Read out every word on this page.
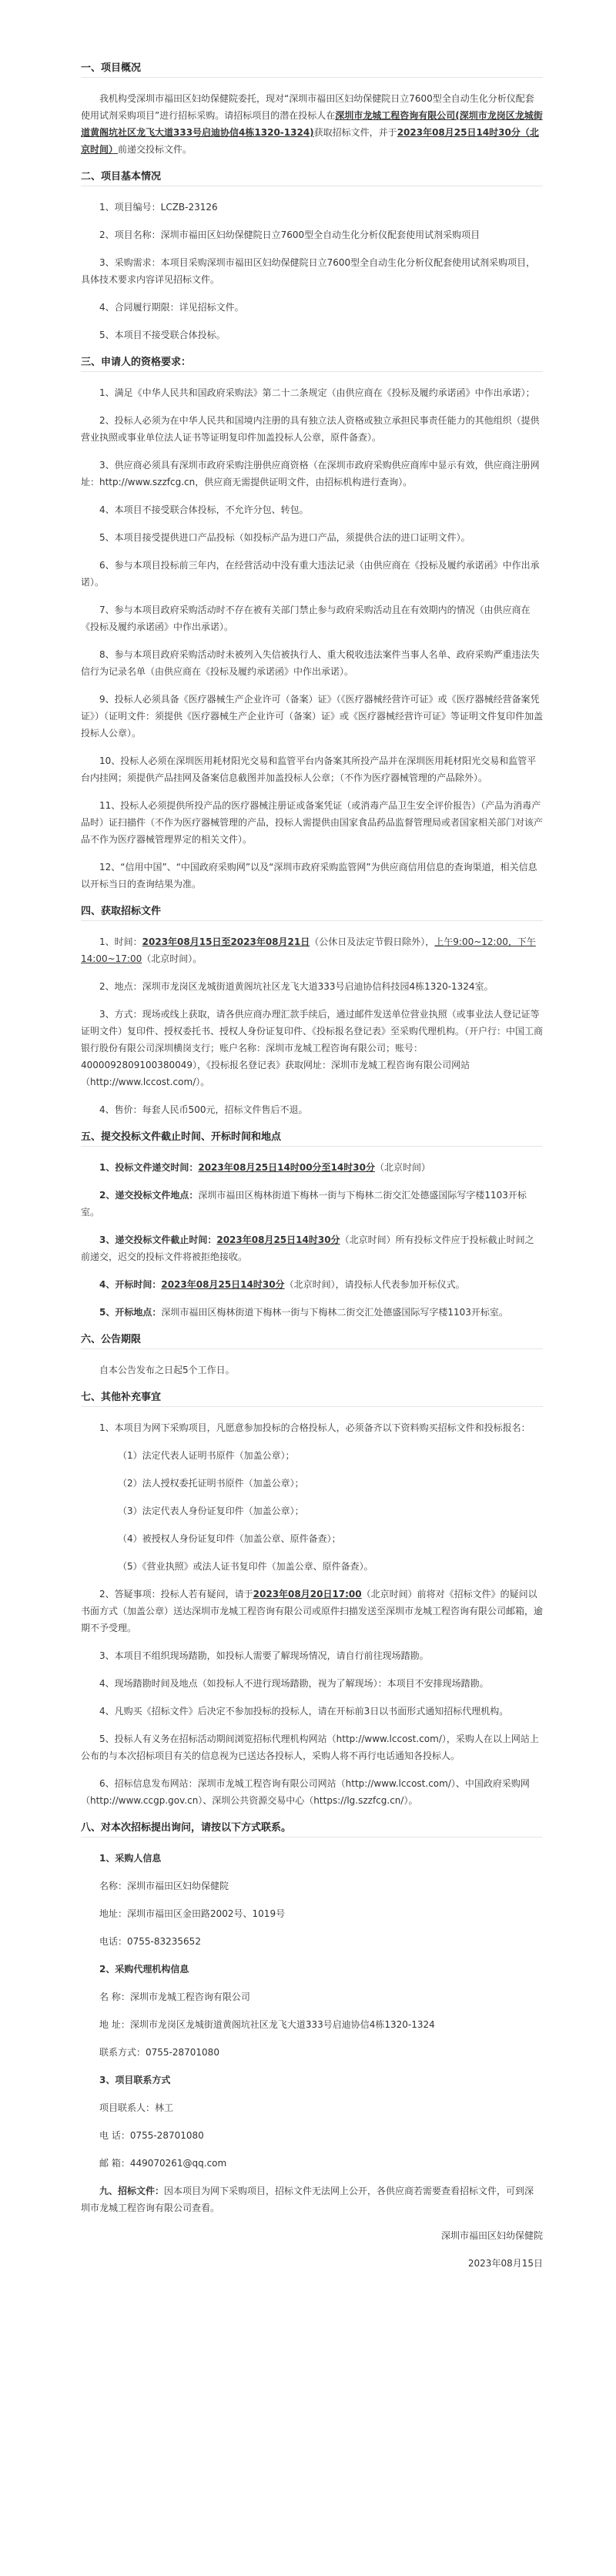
一、项目概况

我机构受深圳市福田区妇幼保健院委托，现对“深圳市福田区妇幼保健院日立7600型全自动生化分析仪配套使用试剂采购项目”进行招标采购。请招标项目的潜在投标人在深圳市龙城工程咨询有限公司(深圳市龙岗区龙城街道黄阁坑社区龙飞大道333号启迪协信4栋1320-1324)获取招标文件，并于2023年08月25日14时30分（北京时间）前递交投标文件。

二、项目基本情况

1、项目编号：LCZB-23126

2、项目名称：深圳市福田区妇幼保健院日立7600型全自动生化分析仪配套使用试剂采购项目

3、采购需求：本项目采购深圳市福田区妇幼保健院日立7600型全自动生化分析仪配套使用试剂采购项目，具体技术要求内容详见招标文件。

4、合同履行期限：详见招标文件。

5、本项目不接受联合体投标。

三、申请人的资格要求：

1、满足《中华人民共和国政府采购法》第二十二条规定（由供应商在《投标及履约承诺函》中作出承诺）；

2、投标人必须为在中华人民共和国境内注册的具有独立法人资格或独立承担民事责任能力的其他组织（提供营业执照或事业单位法人证书等证明复印件加盖投标人公章，原件备查）。

3、供应商必须具有深圳市政府采购注册供应商资格（在深圳市政府采购供应商库中显示有效，供应商注册网址：http://www.szzfcg.cn，供应商无需提供证明文件，由招标机构进行查询）。

4、本项目不接受联合体投标，不允许分包、转包。

5、本项目接受提供进口产品投标（如投标产品为进口产品，须提供合法的进口证明文件）。

6、参与本项目投标前三年内，在经营活动中没有重大违法记录（由供应商在《投标及履约承诺函》中作出承诺）。

7、参与本项目政府采购活动时不存在被有关部门禁止参与政府采购活动且在有效期内的情况（由供应商在《投标及履约承诺函》中作出承诺）。

8、参与本项目政府采购活动时未被列入失信被执行人、重大税收违法案件当事人名单、政府采购严重违法失信行为记录名单（由供应商在《投标及履约承诺函》中作出承诺）。

9、投标人必须具备《医疗器械生产企业许可（备案）证》（《医疗器械经营许可证》或《医疗器械经营备案凭证》）（证明文件：须提供《医疗器械生产企业许可（备案）证》或《医疗器械经营许可证》等证明文件复印件加盖投标人公章）。

10、投标人必须在深圳医用耗材阳光交易和监管平台内备案其所投产品并在深圳医用耗材阳光交易和监管平台内挂网；须提供产品挂网及备案信息截图并加盖投标人公章；（不作为医疗器械管理的产品除外）。

11、投标人必须提供所投产品的医疗器械注册证或备案凭证（或消毒产品卫生安全评价报告）（产品为消毒产品时）证扫描件（不作为医疗器械管理的产品，投标人需提供由国家食品药品监督管理局或者国家相关部门对该产品不作为医疗器械管理界定的相关文件）。

12、“信用中国”、“中国政府采购网”以及“深圳市政府采购监管网”为供应商信用信息的查询渠道，相关信息以开标当日的查询结果为准。

四、获取招标文件

1、时间：2023年08月15日至2023年08月21日（公休日及法定节假日除外），上午9:00~12:00，下午14:00~17:00（北京时间）。

2、地点：深圳市龙岗区龙城街道黄阁坑社区龙飞大道333号启迪协信科技园4栋1320-1324室。

3、方式：现场或线上获取，请各供应商办理汇款手续后，通过邮件发送单位营业执照（或事业法人登记证等证明文件）复印件、授权委托书、授权人身份证复印件、《投标报名登记表》至采购代理机构。（开户行：中国工商银行股份有限公司深圳横岗支行；账户名称：深圳市龙城工程咨询有限公司；账号：4000092809100380049），《投标报名登记表》获取网址：深圳市龙城工程咨询有限公司网站（http://www.lccost.com/）。

4、售价：每套人民币500元，招标文件售后不退。

五、提交投标文件截止时间、开标时间和地点

1、投标文件递交时间：2023年08月25日14时00分至14时30分（北京时间）

2、递交投标文件地点：深圳市福田区梅林街道下梅林一街与下梅林二街交汇处德盛国际写字楼1103开标室。

3、递交投标文件截止时间：2023年08月25日14时30分（北京时间）所有投标文件应于投标截止时间之前递交，迟交的投标文件将被拒绝接收。

4、开标时间：2023年08月25日14时30分（北京时间），请投标人代表参加开标仪式。

5、开标地点：深圳市福田区梅林街道下梅林一街与下梅林二街交汇处德盛国际写字楼1103开标室。

六、公告期限

自本公告发布之日起5个工作日。

七、其他补充事宜

1、本项目为网下采购项目，凡愿意参加投标的合格投标人，必须备齐以下资料购买招标文件和投标报名：

（1）法定代表人证明书原件（加盖公章）；

（2）法人授权委托证明书原件（加盖公章）；

（3）法定代表人身份证复印件（加盖公章）；

（4）被授权人身份证复印件（加盖公章、原件备查）；

（5）《营业执照》或法人证书复印件（加盖公章、原件备查）。

2、答疑事项：投标人若有疑问，请于2023年08月20日17:00（北京时间）前将对《招标文件》的疑问以书面方式（加盖公章）送达深圳市龙城工程咨询有限公司或原件扫描发送至深圳市龙城工程咨询有限公司邮箱，逾期不予受理。

3、本项目不组织现场踏勘，如投标人需要了解现场情况，请自行前往现场踏勘。

4、现场踏勘时间及地点（如投标人不进行现场踏勘，视为了解现场）：本项目不安排现场踏勘。

4、凡购买《招标文件》后决定不参加投标的投标人，请在开标前3日以书面形式通知招标代理机构。

5、投标人有义务在招标活动期间浏览招标代理机构网站（http://www.lccost.com/），采购人在以上网站上公布的与本次招标项目有关的信息视为已送达各投标人，采购人将不再行电话通知各投标人。

6、招标信息发布网站：深圳市龙城工程咨询有限公司网站（http://www.lccost.com/）、中国政府采购网（http://www.ccgp.gov.cn）、深圳公共资源交易中心（https://lg.szzfcg.cn/）。

八、对本次招标提出询问，请按以下方式联系。

1、采购人信息

名称：深圳市福田区妇幼保健院

地址：深圳市福田区金田路2002号、1019号

电话：0755-83235652

2、采购代理机构信息

名 称：深圳市龙城工程咨询有限公司

地 址：深圳市龙岗区龙城街道黄阁坑社区龙飞大道333号启迪协信4栋1320-1324

联系方式：0755-28701080

3、项目联系方式

项目联系人：林工

电 话：0755-28701080

邮 箱：449070261@qq.com

九、招标文件：因本项目为网下采购项目，招标文件无法网上公开，各供应商若需要查看招标文件，可到深圳市龙城工程咨询有限公司查看。

深圳市福田区妇幼保健院

2023年08月15日
